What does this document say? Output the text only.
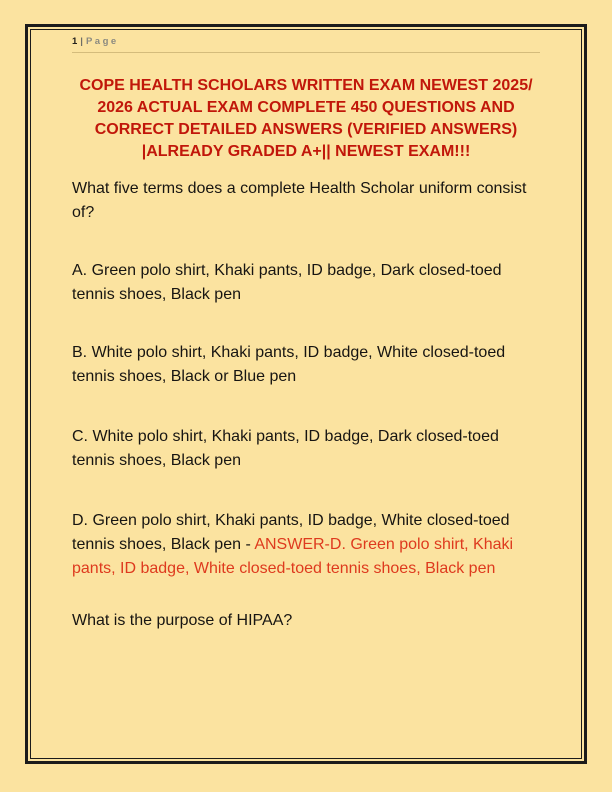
1 | Page
COPE HEALTH SCHOLARS WRITTEN EXAM NEWEST 2025/ 2026 ACTUAL EXAM COMPLETE 450 QUESTIONS AND CORRECT DETAILED ANSWERS (VERIFIED ANSWERS) |ALREADY GRADED A+|| NEWEST EXAM!!!

What five terms does a complete Health Scholar uniform consist of?

A. Green polo shirt, Khaki pants, ID badge, Dark closed-toed tennis shoes, Black pen

B. White polo shirt, Khaki pants, ID badge, White closed-toed tennis shoes, Black or Blue pen

C. White polo shirt, Khaki pants, ID badge, Dark closed-toed tennis shoes, Black pen

D. Green polo shirt, Khaki pants, ID badge, White closed-toed tennis shoes, Black pen - ANSWER-D. Green polo shirt, Khaki pants, ID badge, White closed-toed tennis shoes, Black pen

What is the purpose of HIPAA?
